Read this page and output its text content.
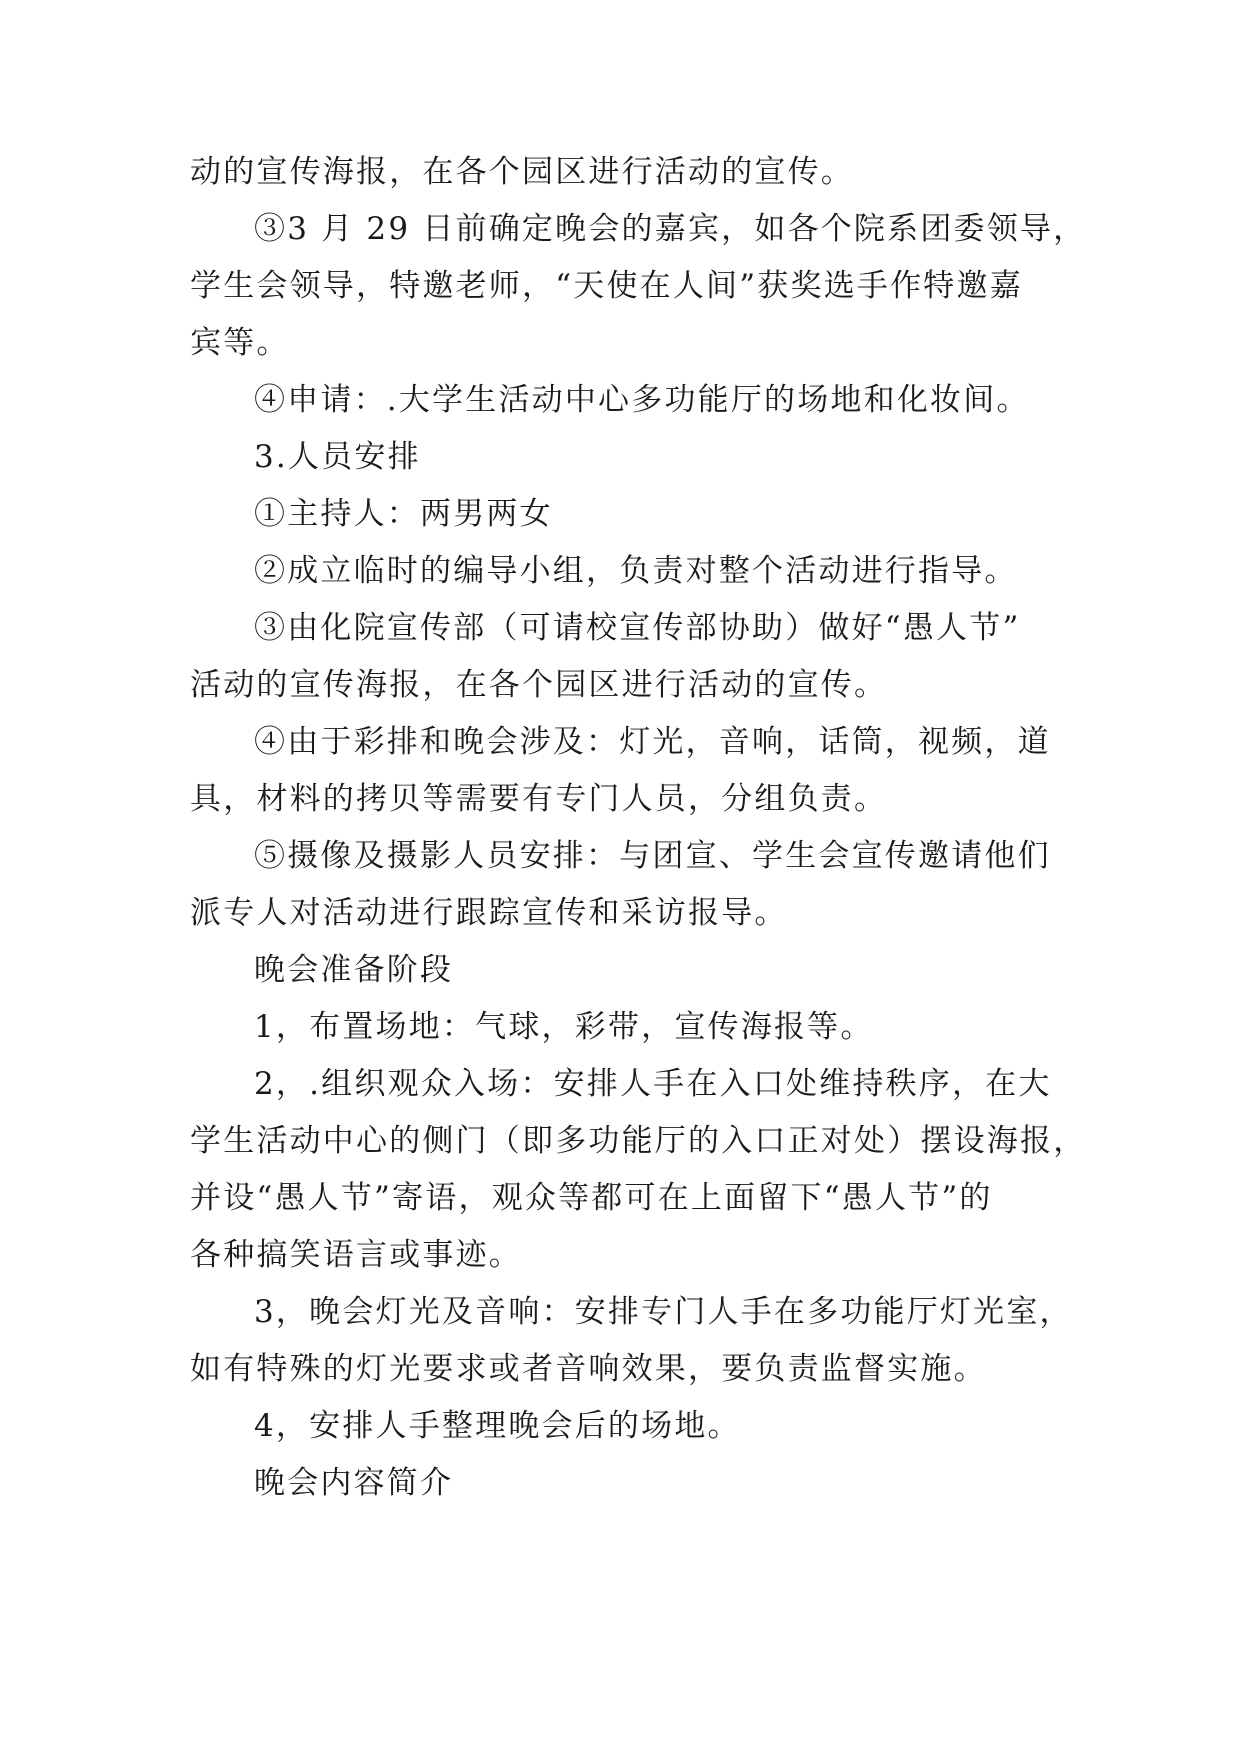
动的宣传海报，在各个园区进行活动的宣传。
③3 月 29 日前确定晚会的嘉宾，如各个院系团委领导，
学生会领导，特邀老师，“天使在人间”获奖选手作特邀嘉
宾等。
④申请：.大学生活动中心多功能厅的场地和化妆间。
3.人员安排
①主持人：两男两女
②成立临时的编导小组，负责对整个活动进行指导。
③由化院宣传部（可请校宣传部协助）做好“愚人节”
活动的宣传海报，在各个园区进行活动的宣传。
④由于彩排和晚会涉及：灯光，音响，话筒，视频，道
具，材料的拷贝等需要有专门人员，分组负责。
⑤摄像及摄影人员安排：与团宣、学生会宣传邀请他们
派专人对活动进行跟踪宣传和采访报导。
晚会准备阶段
1，布置场地：气球，彩带，宣传海报等。
2，.组织观众入场：安排人手在入口处维持秩序，在大
学生活动中心的侧门（即多功能厅的入口正对处）摆设海报，
并设“愚人节”寄语，观众等都可在上面留下“愚人节”的
各种搞笑语言或事迹。
3，晚会灯光及音响：安排专门人手在多功能厅灯光室，
如有特殊的灯光要求或者音响效果，要负责监督实施。
4，安排人手整理晚会后的场地。
晚会内容简介
